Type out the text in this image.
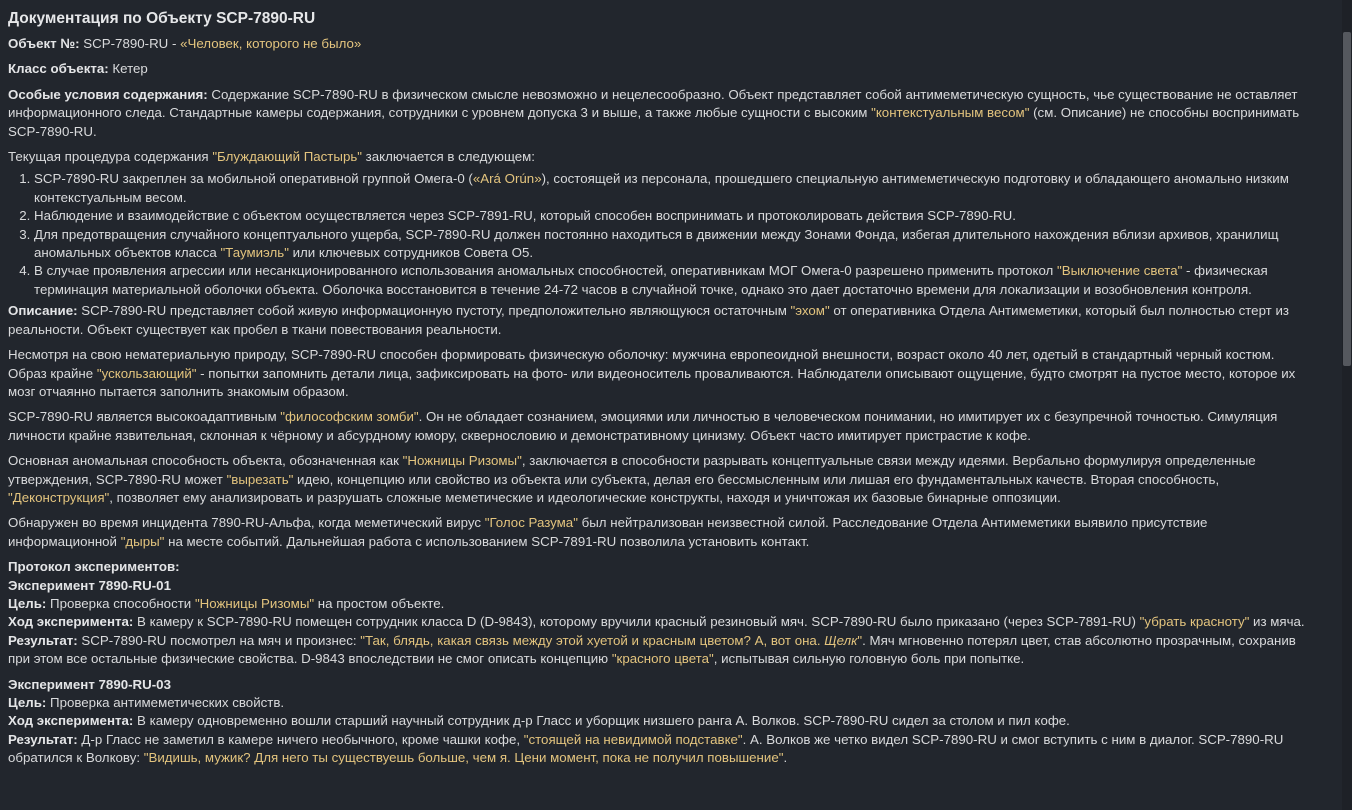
Документация по Объекту SCP-7890-RU

Объект №: SCP-7890-RU - «Человек, которого не было»

Класс объекта: Кетер

Особые условия содержания: Содержание SCP-7890-RU в физическом смысле невозможно и нецелесообразно. Объект представляет собой антимеметическую сущность, чье существование не оставляет информационного следа. Стандартные камеры содержания, сотрудники с уровнем допуска 3 и выше, а также любые сущности с высоким "контекстуальным весом" (см. Описание) не способны воспринимать SCP-7890-RU.

Текущая процедура содержания "Блуждающий Пастырь" заключается в следующем:

1. SCP-7890-RU закреплен за мобильной оперативной группой Омега-0 («Ará Orún»), состоящей из персонала, прошедшего специальную антимеметическую подготовку и обладающего аномально низким контекстуальным весом.
2. Наблюдение и взаимодействие с объектом осуществляется через SCP-7891-RU, который способен воспринимать и протоколировать действия SCP-7890-RU.
3. Для предотвращения случайного концептуального ущерба, SCP-7890-RU должен постоянно находиться в движении между Зонами Фонда, избегая длительного нахождения вблизи архивов, хранилищ аномальных объектов класса "Таумиэль" или ключевых сотрудников Совета О5.
4. В случае проявления агрессии или несанкционированного использования аномальных способностей, оперативникам МОГ Омега-0 разрешено применить протокол "Выключение света" - физическая терминация материальной оболочки объекта. Оболочка восстановится в течение 24-72 часов в случайной точке, однако это дает достаточно времени для локализации и возобновления контроля.

Описание: SCP-7890-RU представляет собой живую информационную пустоту, предположительно являющуюся остаточным "эхом" от оперативника Отдела Антимеметики, который был полностью стерт из реальности. Объект существует как пробел в ткани повествования реальности.

Несмотря на свою нематериальную природу, SCP-7890-RU способен формировать физическую оболочку: мужчина европеоидной внешности, возраст около 40 лет, одетый в стандартный черный костюм. Образ крайне "ускользающий" - попытки запомнить детали лица, зафиксировать на фото- или видеоноситель проваливаются. Наблюдатели описывают ощущение, будто смотрят на пустое место, которое их мозг отчаянно пытается заполнить знакомым образом.

SCP-7890-RU является высокоадаптивным "философским зомби". Он не обладает сознанием, эмоциями или личностью в человеческом понимании, но имитирует их с безупречной точностью. Симуляция личности крайне язвительная, склонная к чёрному и абсурдному юмору, сквернословию и демонстративному цинизму. Объект часто имитирует пристрастие к кофе.

Основная аномальная способность объекта, обозначенная как "Ножницы Ризомы", заключается в способности разрывать концептуальные связи между идеями. Вербально формулируя определенные утверждения, SCP-7890-RU может "вырезать" идею, концепцию или свойство из объекта или субъекта, делая его бессмысленным или лишая его фундаментальных качеств. Вторая способность, "Деконструкция", позволяет ему анализировать и разрушать сложные меметические и идеологические конструкты, находя и уничтожая их базовые бинарные оппозиции.

Обнаружен во время инцидента 7890-RU-Альфа, когда меметический вирус "Голос Разума" был нейтрализован неизвестной силой. Расследование Отдела Антимеметики выявило присутствие информационной "дыры" на месте событий. Дальнейшая работа с использованием SCP-7891-RU позволила установить контакт.

Протокол экспериментов:
Эксперимент 7890-RU-01
Цель: Проверка способности "Ножницы Ризомы" на простом объекте.
Ход эксперимента: В камеру к SCP-7890-RU помещен сотрудник класса D (D-9843), которому вручили красный резиновый мяч. SCP-7890-RU было приказано (через SCP-7891-RU) "убрать красноту" из мяча.
Результат: SCP-7890-RU посмотрел на мяч и произнес: "Так, блядь, какая связь между этой хуетой и красным цветом? А, вот она. Щелк". Мяч мгновенно потерял цвет, став абсолютно прозрачным, сохранив при этом все остальные физические свойства. D-9843 впоследствии не смог описать концепцию "красного цвета", испытывая сильную головную боль при попытке.
Эксперимент 7890-RU-03
Цель: Проверка антимеметических свойств.
Ход эксперимента: В камеру одновременно вошли старший научный сотрудник д-р Гласс и уборщик низшего ранга А. Волков. SCP-7890-RU сидел за столом и пил кофе.
Результат: Д-р Гласс не заметил в камере ничего необычного, кроме чашки кофе, "стоящей на невидимой подставке". А. Волков же четко видел SCP-7890-RU и смог вступить с ним в диалог. SCP-7890-RU обратился к Волкову: "Видишь, мужик? Для него ты существуешь больше, чем я. Цени момент, пока не получил повышение".
